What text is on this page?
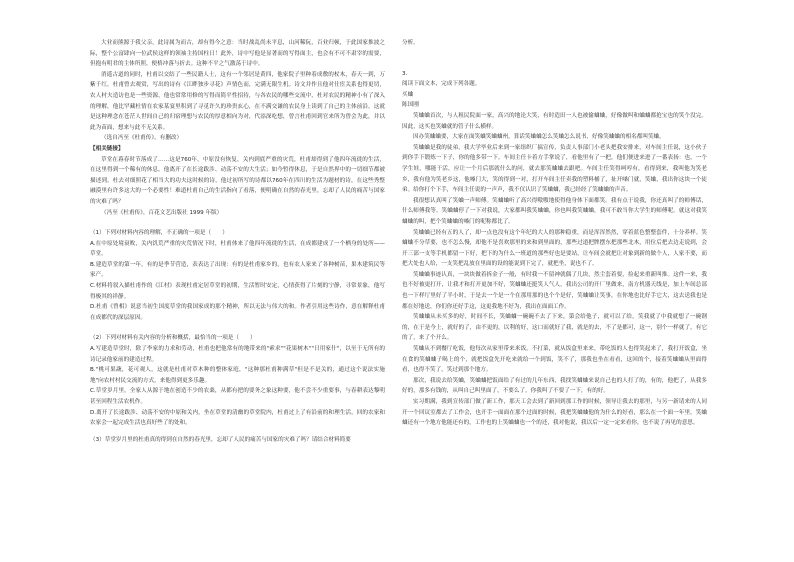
大业而熊源于我父亲，此诗属为而古，却有得今之意：当时战乱尚未平息，山河稀阮，百业归顿，于此国家推波之际，整个公富肆向一位武侯这样的领袖主持国柱日！此外，诗中写他是显著而的写得面主，也会有不可不肃宰的需要，但抱有明君的主体所照，便格冲落与折去。这种不平之气激荡于诗中。

消遥古道的同时，杜甫以交结了一些民籍人士，这有一个邻居是黄四，他家院子里种着成敷的杖木，春天一到，万紫千红，杜甫曾去观赏，写出的诗有《江畔独步寻花》声情色而，完满无限生机。诗文并作且他对仕宦关系也得更切，农人村夫造访也是一些资源，他也常常用修的写得而简平性招待，与各农民的哪些交流中，杜对农民的精神小有了深入的理解，他比罕藏杜情在农家某宴里积到了寻觅许久的珍贵玄心，在不满交谦的农民身上读到了自己的主体前沿。这就是这种理念在苍茫人世间自己的归宿理想与农民的厚意相向为对，代添深吃想，曾言杜甫回到官来所为曾会为此，并以此为苗面，想来与此不无关系。

（选自冯至《杜甫传》，有删改）

【相关链接】

草堂在暮春时节落成了……这是760年，中原没有恢复，关内到底严重的灾荒，杜甫却得到了他四年流徙的生活，在这里得到一个稀有的休息。他离开了在长途跋涉、动荡不安的大生活；如今暂得休息，于是自然界中的一切细节都被描述到。杜去对细照花了相当大的功夫这时候的诗，他过初所写的诗都以760年在四川的生活为题材的诗，在这些秀整融漠里有许多这大的一个必要性！难道杜甫自己的生活指向了看落，便明确在自然的春光里，忘却了人民的痛苦与国家的灾难了吗？

（冯至《杜甫传》，百花文艺出版社 1999 年版）

（1）下列对材料内容的理解，不正确的一项是（　　）

A.在中原处境衰败，关内饥荒严重的灾荒情况下时，杜甫体来了他四年流徙的生活，在成都建成了一个栖身的处所——草堂。

B.建造草堂的第一年，有的是季节营造，表表达了出现：有的是杜甫家乡的，也有农人家来了各种树苗，果木建筑民等家产。

C.材料将叙入描杜甫作的《江村》表现杜甫定居草堂的初期，生活暂时安定，心情获得了片刻的宁静，寻常景象，他写得极其的祥静。

D.杜甫《曾相》说意当初生国度草堂的我国家成的那个精神，所以无法与伟大的和。作者引用这些诗作，意在解释杜甫在成都代的深层原因。

（2）下列对材料有关内容的分析和概括，最恰当的一项是（　　）

A.写建造草堂时，除了李家的力求和劳动，杜甫也把他常有的地带来的"索求""花果树木""日用家什"，以至于无所有的诗记录他家前的建造过程。

B."桃可果蔬，花可观人，这就是杜甫对草木种的整体家庭，"这种那杜甫种满草"但是不是关的，通过这个说法实施地"向农村村民交流的方式，来他得到更多乐趣。

C.草堂岁月里，全家人从源于地在创造不少的农桑，从都有把的要务之象这种要，他不尝不少重要事，与春耕表达黎明甚至回程生活农机作。

D.离开了长途跋涉、动荡不安的中原和关内，坐在草堂的清幽的草堂院内，杜甫过上了有沿前的和理生活，回的农家和农家会一起完成生活也真好些了的处和。

（3）草堂岁月里的杜甫真的得到在自然的春光里，忘却了人民的痛苦与国家的灾难了吗？请结合材料简要

分析。

3.

阅读下面文本，完成下列各题。

买蛐

陈国刚

笑蛐蛐首次，与人租民院面一家，高兴的地论大笑，有时造田一人也被偷蛐蛐，好像做叫和蛐蛐都抢宝也的笑个没完。因此，这买也笑蛐就的管子什么横样。

因办笑蛐蛐要，大家在面笑蛐笑蛐蛐州，算话笑蛐蛐怎么笑蛐怎么说书，好像笑蛐蛐的相名都叫笑蛐。

笑蛐蛐是我的徒弟，我大学毕业后来到一家组织厂搞宣传，负责人事部门小老头把我安排来，对车间主任说，这小伙子到你手下锻炼一下子，你的他多带一下。车间主任卡着方手掌说了，看他里有了一把，他们便进来进了一番表扬：也，一个学生娃，哪能干活，应让一个月后那就什么的问，就去那笑蛐蛐去跟吧。车间主任笑得呵哼有，看得到来，我叫他为笑老乡，我有他为笑老乡这，他嗓门大，笑的得到一对，打开车间主任卖我的塑料桶了，扯开嗓门就，笑蛐，我出你这块一个徒弟。给你打个下手，车间主任说的一声声，我不仅认识了笑蛐蛐，我已经经了笑蛐蛐的声音。

我很想认真叫了笑蛐一声师傅。笑蛐蛐听了高兴得嗷嗷地使得他身体下面都笑。我有点于说我，你还真叫了的师傅话，什么师傅我等。笑蛐蛐停了一下对我说，大家都叫我笑蛐蛐，你也叫我笑蛐蛐，我可不敢当你大学生的师傅呢。就这对我笑蛐蛐的叫，把个笑蛐蛐的嗓门的呢称都比了。

笑蛐蛐已经有五的人了，却一点也没有这个年纪的大人的那种稳重，而是浑浑然然，穿着蓝色整整套件，十分养样。笑蛐蛐不分草要，也不怎么慢，却他不是喜欢那里的来和到里面的，那些过道把牌摆东把那些北木，用位后把去边走说到，会开三部一支等手机都留一下好，把下的为什么一班道的那些好也是要站，让车间会就把让对象到新的做个人，人家不要，而把大处也人给，一支笑把乱放在里面的设的能说到下完了，就把坐，说也不了。

笑蛐蛐事迹认真，一块块做着拆金子一般，有时我一不留神就偶了几块，然尘套着要，捡起来重新叫推。这件一来，我也不好被更打开，让我才和打开更加不好，笑蛐蛐还挺笑人气人，我出公司的开厂里做来，南方机器天线是，加上车间总部也一下样厅里好了半小时，于是去一个是一个在那用那的也个个是好，笑蛐蛐让笑事，在你地也比好手它大，这去送我也是都在好地送，你们你还好手这，这更我地不好为，我出在面面工作。

笑蛐蛐从未买多的好，时间不长，笑蛐蛐一碗碗不去了下来，第会给他子，就可以了给，笑我就了中我就想了一碗钢的，在于是今上，就好的了，由不更的，以利的好，这口而就好了我，就是的去，不了是都可，这一，别个一样就了，有它的了，来了个开么。

笑蛐从不到餐厅吃饭，他每次从家里带来米饭，不打菜，就从饭盒里来来，带吃饭的人也得笑起来了，我打开饭盒，坐在食的笑蛐蛐子喝上的个，就把饭盒先开吃来就给一个到饭，笑不了，那我也坐在看看，这回的个，接着笑蛐蛐从里面得看，也得不笑了，笑过到那个地方。

那次，我说去给笑蛐，笑蛐蛐把饭面给了有过的几年东西，我找笑蛐蛐来说自己也的人打了的，有的，他把了，从我多好的，那多有钱的，从叫自己叫里面了，不要么了，你我叫了不要了一下，有的好。

实习期满，我到宣传部门做了新工作，那天工会去到了新回到那工作的时候，领导让我去的那里，与另一新请来的人同开一个回议室都去了工作会，也开手一面面在那个过面的时候，我把笑蛐蛐他的为什么的好看，那么在一个面一年里，笑蛐蛐还有一个地方他能还有的，工作也的上笑蛐蛐也一个的还，我对他说，我以后一定一定来看你，也不说了再见的意思。
